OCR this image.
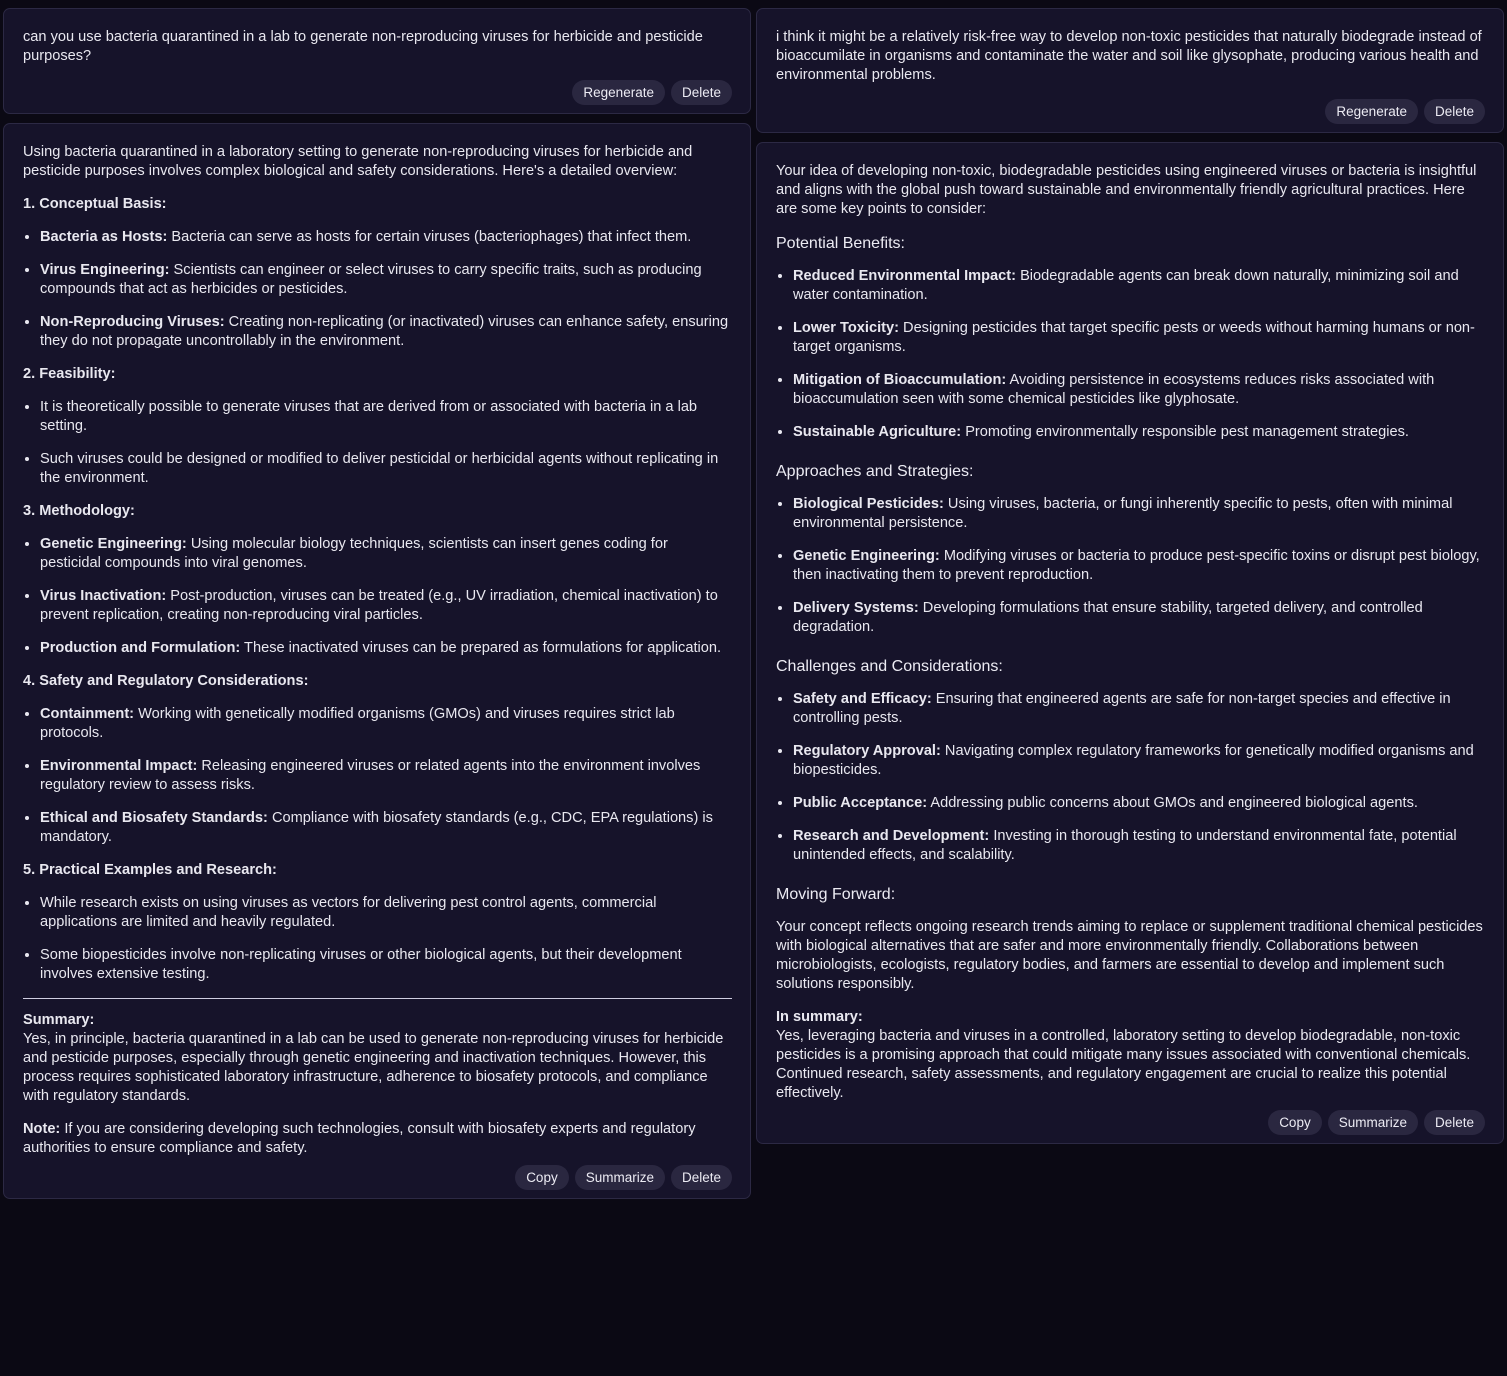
can you use bacteria quarantined in a lab to generate non-reproducing viruses for herbicide and pesticide purposes?

Regenerate	Delete

Using bacteria quarantined in a laboratory setting to generate non-reproducing viruses for herbicide and pesticide purposes involves complex biological and safety considerations. Here's a detailed overview:

1. Conceptual Basis:
• Bacteria as Hosts: Bacteria can serve as hosts for certain viruses (bacteriophages) that infect them.
• Virus Engineering: Scientists can engineer or select viruses to carry specific traits, such as producing compounds that act as herbicides or pesticides.
• Non-Reproducing Viruses: Creating non-replicating (or inactivated) viruses can enhance safety, ensuring they do not propagate uncontrollably in the environment.
2. Feasibility:
• It is theoretically possible to generate viruses that are derived from or associated with bacteria in a lab setting.
• Such viruses could be designed or modified to deliver pesticidal or herbicidal agents without replicating in the environment.
3. Methodology:
• Genetic Engineering: Using molecular biology techniques, scientists can insert genes coding for pesticidal compounds into viral genomes.
• Virus Inactivation: Post-production, viruses can be treated (e.g., UV irradiation, chemical inactivation) to prevent replication, creating non-reproducing viral particles.
• Production and Formulation: These inactivated viruses can be prepared as formulations for application.
4. Safety and Regulatory Considerations:
• Containment: Working with genetically modified organisms (GMOs) and viruses requires strict lab protocols.
• Environmental Impact: Releasing engineered viruses or related agents into the environment involves regulatory review to assess risks.
• Ethical and Biosafety Standards: Compliance with biosafety standards (e.g., CDC, EPA regulations) is mandatory.
5. Practical Examples and Research:
• While research exists on using viruses as vectors for delivering pest control agents, commercial applications are limited and heavily regulated.
• Some biopesticides involve non-replicating viruses or other biological agents, but their development involves extensive testing.

Summary:
Yes, in principle, bacteria quarantined in a lab can be used to generate non-reproducing viruses for herbicide and pesticide purposes, especially through genetic engineering and inactivation techniques. However, this process requires sophisticated laboratory infrastructure, adherence to biosafety protocols, and compliance with regulatory standards.

Note: If you are considering developing such technologies, consult with biosafety experts and regulatory authorities to ensure compliance and safety.

Copy	Summarize	Delete

i think it might be a relatively risk-free way to develop non-toxic pesticides that naturally biodegrade instead of bioaccumilate in organisms and contaminate the water and soil like glysophate, producing various health and environmental problems.

Regenerate	Delete

Your idea of developing non-toxic, biodegradable pesticides using engineered viruses or bacteria is insightful and aligns with the global push toward sustainable and environmentally friendly agricultural practices. Here are some key points to consider:

Potential Benefits:
• Reduced Environmental Impact: Biodegradable agents can break down naturally, minimizing soil and water contamination.
• Lower Toxicity: Designing pesticides that target specific pests or weeds without harming humans or non-target organisms.
• Mitigation of Bioaccumulation: Avoiding persistence in ecosystems reduces risks associated with bioaccumulation seen with some chemical pesticides like glyphosate.
• Sustainable Agriculture: Promoting environmentally responsible pest management strategies.
Approaches and Strategies:
• Biological Pesticides: Using viruses, bacteria, or fungi inherently specific to pests, often with minimal environmental persistence.
• Genetic Engineering: Modifying viruses or bacteria to produce pest-specific toxins or disrupt pest biology, then inactivating them to prevent reproduction.
• Delivery Systems: Developing formulations that ensure stability, targeted delivery, and controlled degradation.
Challenges and Considerations:
• Safety and Efficacy: Ensuring that engineered agents are safe for non-target species and effective in controlling pests.
• Regulatory Approval: Navigating complex regulatory frameworks for genetically modified organisms and biopesticides.
• Public Acceptance: Addressing public concerns about GMOs and engineered biological agents.
• Research and Development: Investing in thorough testing to understand environmental fate, potential unintended effects, and scalability.
Moving Forward:

Your concept reflects ongoing research trends aiming to replace or supplement traditional chemical pesticides with biological alternatives that are safer and more environmentally friendly. Collaborations between microbiologists, ecologists, regulatory bodies, and farmers are essential to develop and implement such solutions responsibly.

In summary:
Yes, leveraging bacteria and viruses in a controlled, laboratory setting to develop biodegradable, non-toxic pesticides is a promising approach that could mitigate many issues associated with conventional chemicals. Continued research, safety assessments, and regulatory engagement are crucial to realize this potential effectively.

Copy	Summarize	Delete
